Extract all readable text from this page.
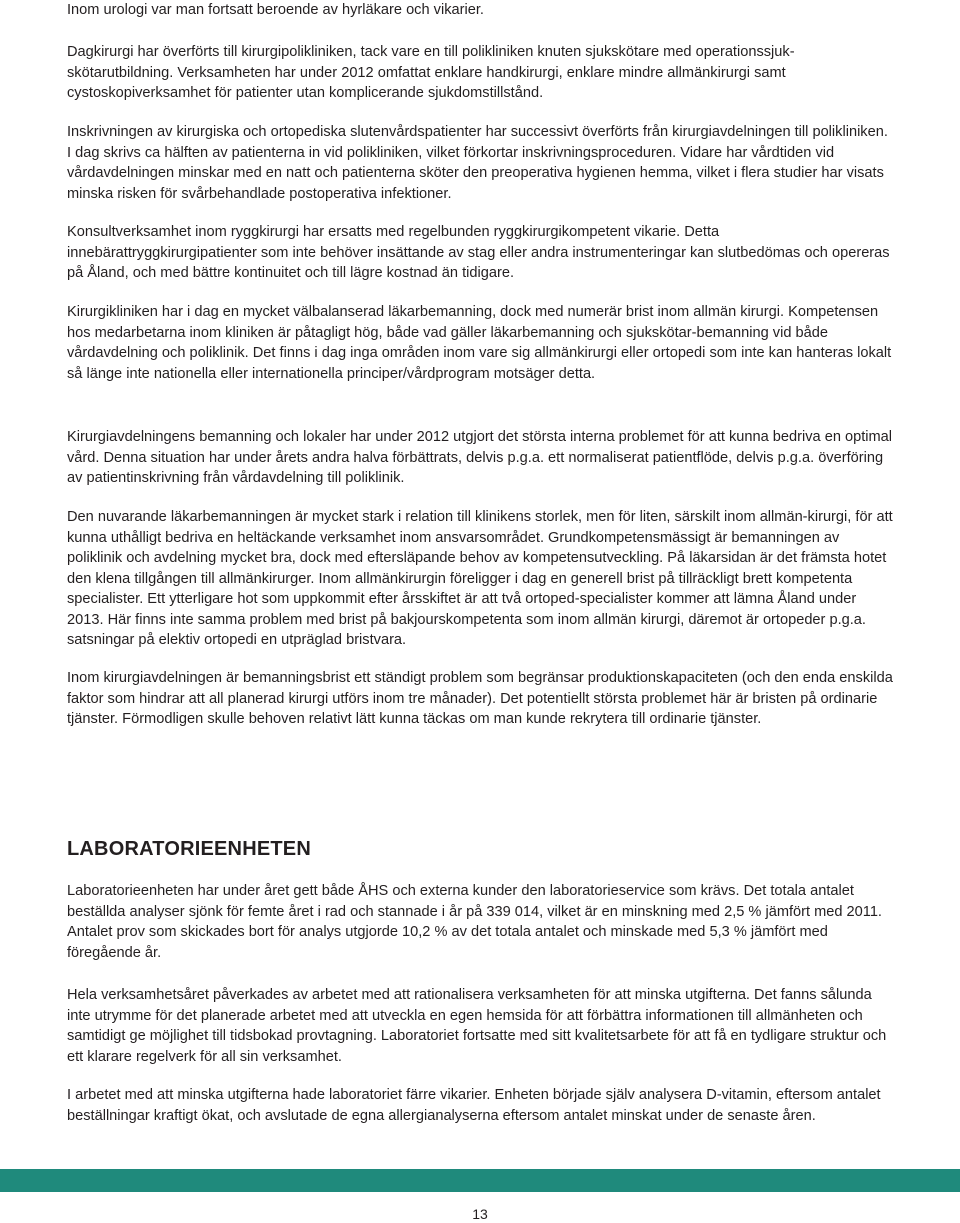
Inom urologi var man fortsatt beroende av hyrläkare och vikarier.

Dagkirurgi har överförts till kirurgipolikliniken, tack vare en till polikliniken knuten sjukskötare med operationssjuk-skötarutbildning. Verksamheten har under 2012 omfattat enklare handkirurgi, enklare mindre allmänkirurgi samt cystoskopiverksamhet för patienter utan komplicerande sjukdomstillstånd.

Inskrivningen av kirurgiska och ortopediska slutenvårdspatienter har successivt överförts från kirurgiavdelningen till polikliniken. I dag skrivs ca hälften av patienterna in vid polikliniken, vilket förkortar inskrivningsproceduren. Vidare har vårdtiden vid vårdavdelningen minskar med en natt och patienterna sköter den preoperativa hygienen hemma, vilket i flera studier har visats minska risken för svårbehandlade postoperativa infektioner.

Konsultverksamhet inom ryggkirurgi har ersatts med regelbunden ryggkirurgikompetent vikarie. Detta innebärattryggkirurgipatienter som inte behöver insättande av stag eller andra instrumenteringar kan slutbedömas och opereras på Åland, och med bättre kontinuitet och till lägre kostnad än tidigare.

Kirurgikliniken har i dag en mycket välbalanserad läkarbemanning, dock med numerär brist inom allmän kirurgi. Kompetensen hos medarbetarna inom kliniken är påtagligt hög, både vad gäller läkarbemanning och sjukskötar-bemanning vid både vårdavdelning och poliklinik. Det finns i dag inga områden inom vare sig allmänkirurgi eller ortopedi som inte kan hanteras lokalt så länge inte nationella eller internationella principer/vårdprogram motsäger detta.

Kirurgiavdelningens bemanning och lokaler har under 2012 utgjort det största interna problemet för att kunna bedriva en optimal vård. Denna situation har under årets andra halva förbättrats, delvis p.g.a. ett normaliserat patientflöde, delvis p.g.a. överföring av patientinskrivning från vårdavdelning till poliklinik.

Den nuvarande läkarbemanningen är mycket stark i relation till klinikens storlek, men för liten, särskilt inom allmän-kirurgi, för att kunna uthålligt bedriva en heltäckande verksamhet inom ansvarsområdet. Grundkompetensmässigt är bemanningen av poliklinik och avdelning mycket bra, dock med eftersläpande behov av kompetensutveckling. På läkarsidan är det främsta hotet den klena tillgången till allmänkirurger. Inom allmänkirurgin föreligger i dag en generell brist på tillräckligt brett kompetenta specialister. Ett ytterligare hot som uppkommit efter årsskiftet är att två ortoped-specialister kommer att lämna Åland under 2013. Här finns inte samma problem med brist på bakjourskompetenta som inom allmän kirurgi, däremot är ortopeder p.g.a. satsningar på elektiv ortopedi en utpräglad bristvara.

Inom kirurgiavdelningen är bemanningsbrist ett ständigt problem som begränsar produktionskapaciteten (och den enda enskilda faktor som hindrar att all planerad kirurgi utförs inom tre månader). Det potentiellt största problemet här är bristen på ordinarie tjänster. Förmodligen skulle behoven relativt lätt kunna täckas om man kunde rekrytera till ordinarie tjänster.

LABORATORIEENHETEN

Laboratorieenheten har under året gett både ÅHS och externa kunder den laboratorieservice som krävs. Det totala antalet beställda analyser sjönk för femte året i rad och stannade i år på 339 014, vilket är en minskning med 2,5 % jämfört med 2011. Antalet prov som skickades bort för analys utgjorde 10,2 % av det totala antalet och minskade med 5,3 % jämfört med föregående år.

Hela verksamhetsåret påverkades av arbetet med att rationalisera verksamheten för att minska utgifterna. Det fanns sålunda inte utrymme för det planerade arbetet med att utveckla en egen hemsida för att förbättra informationen till allmänheten och samtidigt ge möjlighet till tidsbokad provtagning. Laboratoriet fortsatte med sitt kvalitetsarbete för att få en tydligare struktur och ett klarare regelverk för all sin verksamhet.

I arbetet med att minska utgifterna hade laboratoriet färre vikarier. Enheten började själv analysera D-vitamin, eftersom antalet beställningar kraftigt ökat, och avslutade de egna allergianalyserna eftersom antalet minskat under de senaste åren.

13
